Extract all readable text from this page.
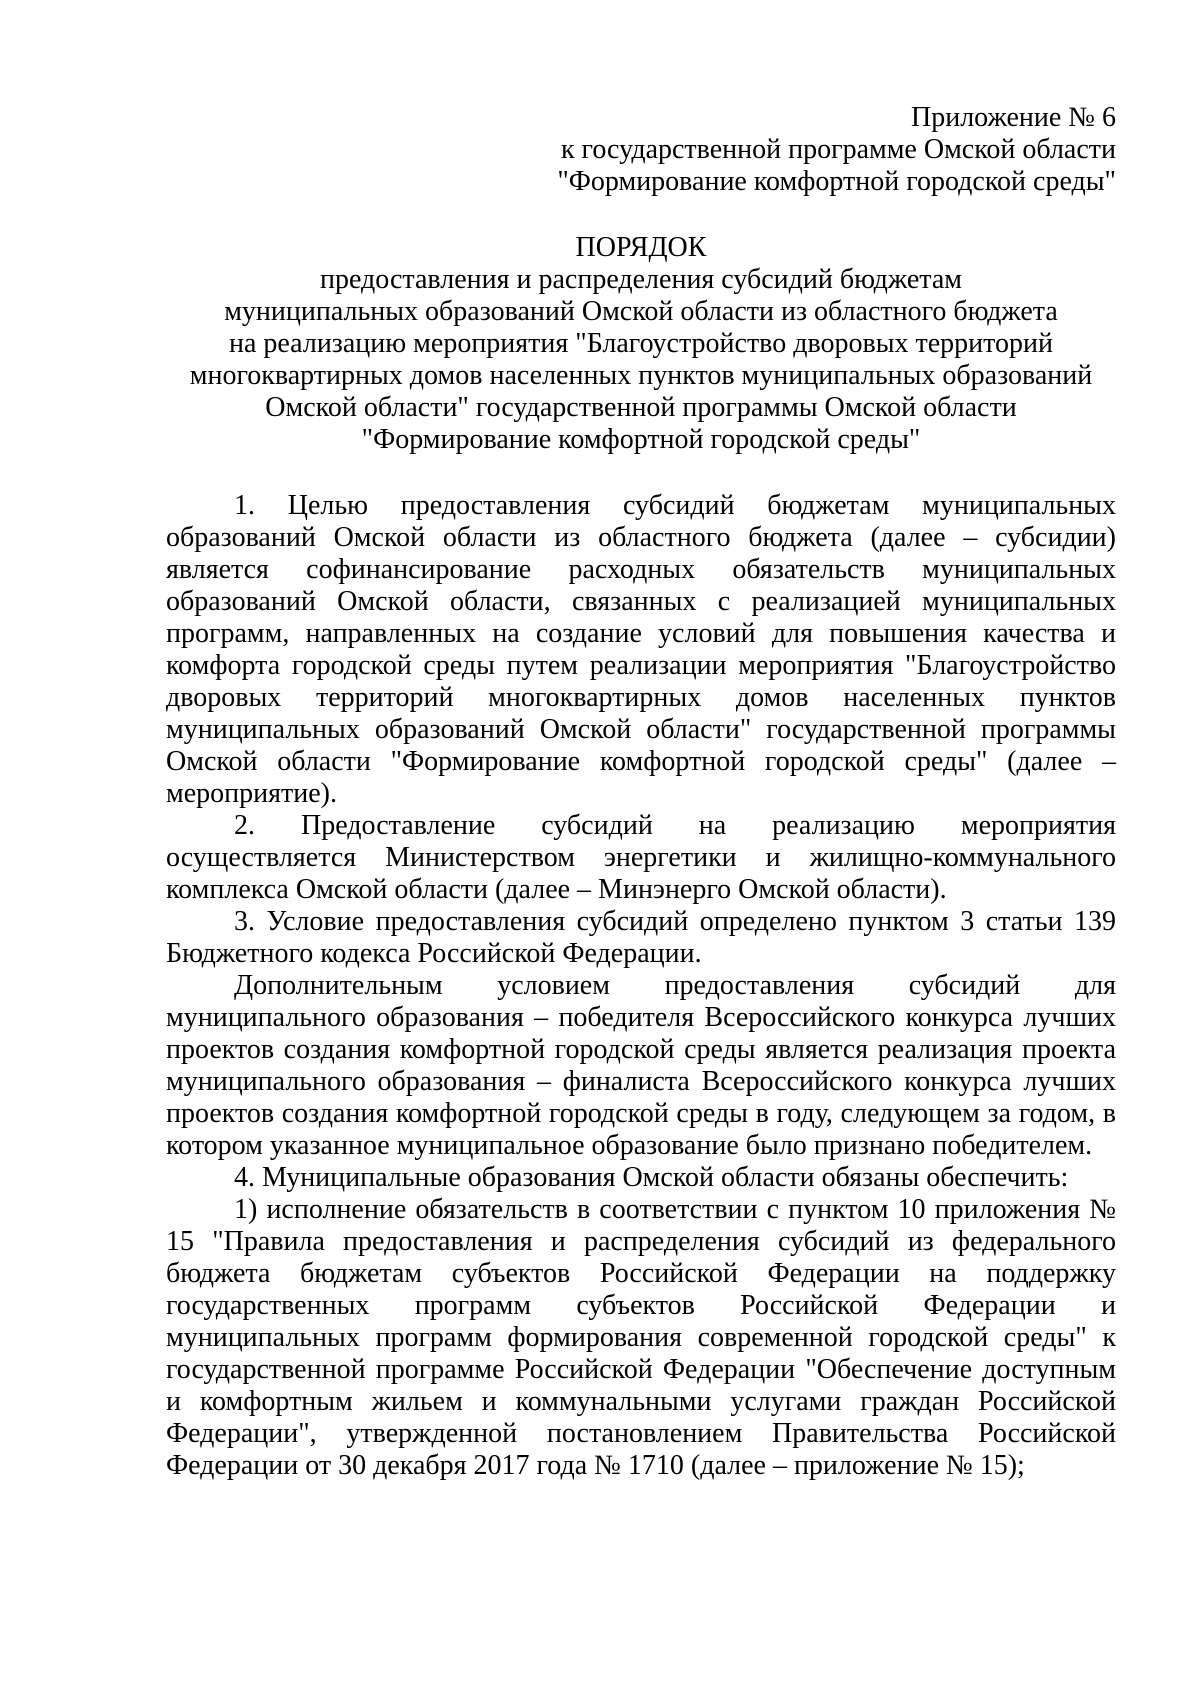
Приложение № 6
к государственной программе Омской области
"Формирование комфортной городской среды"
ПОРЯДОК
предоставления и распределения субсидий бюджетам
муниципальных образований Омской области из областного бюджета
на реализацию мероприятия "Благоустройство дворовых территорий
многоквартирных домов населенных пунктов муниципальных образований
Омской области" государственной программы Омской области
"Формирование комфортной городской среды"

1. Целью предоставления субсидий бюджетам муниципальных образований Омской области из областного бюджета (далее – субсидии) является софинансирование расходных обязательств муниципальных образований Омской области, связанных с реализацией муниципальных программ, направленных на создание условий для повышения качества и комфорта городской среды путем реализации мероприятия "Благоустройство дворовых территорий многоквартирных домов населенных пунктов муниципальных образований Омской области" государственной программы Омской области "Формирование комфортной городской среды" (далее – мероприятие).

2. Предоставление субсидий на реализацию мероприятия осуществляется Министерством энергетики и жилищно-коммунального комплекса Омской области (далее – Минэнерго Омской области).

3. Условие предоставления субсидий определено пунктом 3 статьи 139 Бюджетного кодекса Российской Федерации.

Дополнительным условием предоставления субсидий для муниципального образования – победителя Всероссийского конкурса лучших проектов создания комфортной городской среды является реализация проекта муниципального образования – финалиста Всероссийского конкурса лучших проектов создания комфортной городской среды в году, следующем за годом, в котором указанное муниципальное образование было признано победителем.

4. Муниципальные образования Омской области обязаны обеспечить:

1) исполнение обязательств в соответствии с пунктом 10 приложения № 15 "Правила предоставления и распределения субсидий из федерального бюджета бюджетам субъектов Российской Федерации на поддержку государственных программ субъектов Российской Федерации и муниципальных программ формирования современной городской среды" к государственной программе Российской Федерации "Обеспечение доступным и комфортным жильем и коммунальными услугами граждан Российской Федерации", утвержденной постановлением Правительства Российской Федерации от 30 декабря 2017 года № 1710 (далее – приложение № 15);
